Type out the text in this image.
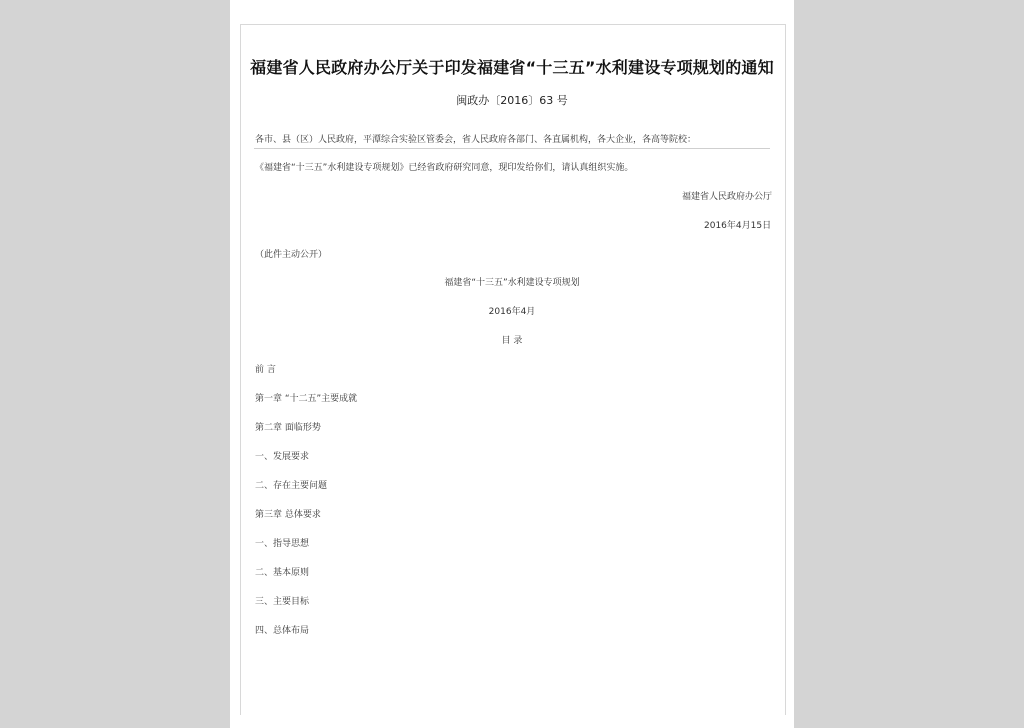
福建省人民政府办公厅关于印发福建省“十三五”水利建设专项规划的通知
闽政办〔2016〕63 号
各市、县（区）人民政府，平潭综合实验区管委会，省人民政府各部门、各直属机构，各大企业，各高等院校：
《福建省“十三五”水利建设专项规划》已经省政府研究同意，现印发给你们，请认真组织实施。
福建省人民政府办公厅
2016年4月15日
（此件主动公开）
福建省“十三五”水利建设专项规划
2016年4月
目 录
前 言
第一章 “十二五”主要成就
第二章 面临形势
一、发展要求
二、存在主要问题
第三章 总体要求
一、指导思想
二、基本原则
三、主要目标
四、总体布局
